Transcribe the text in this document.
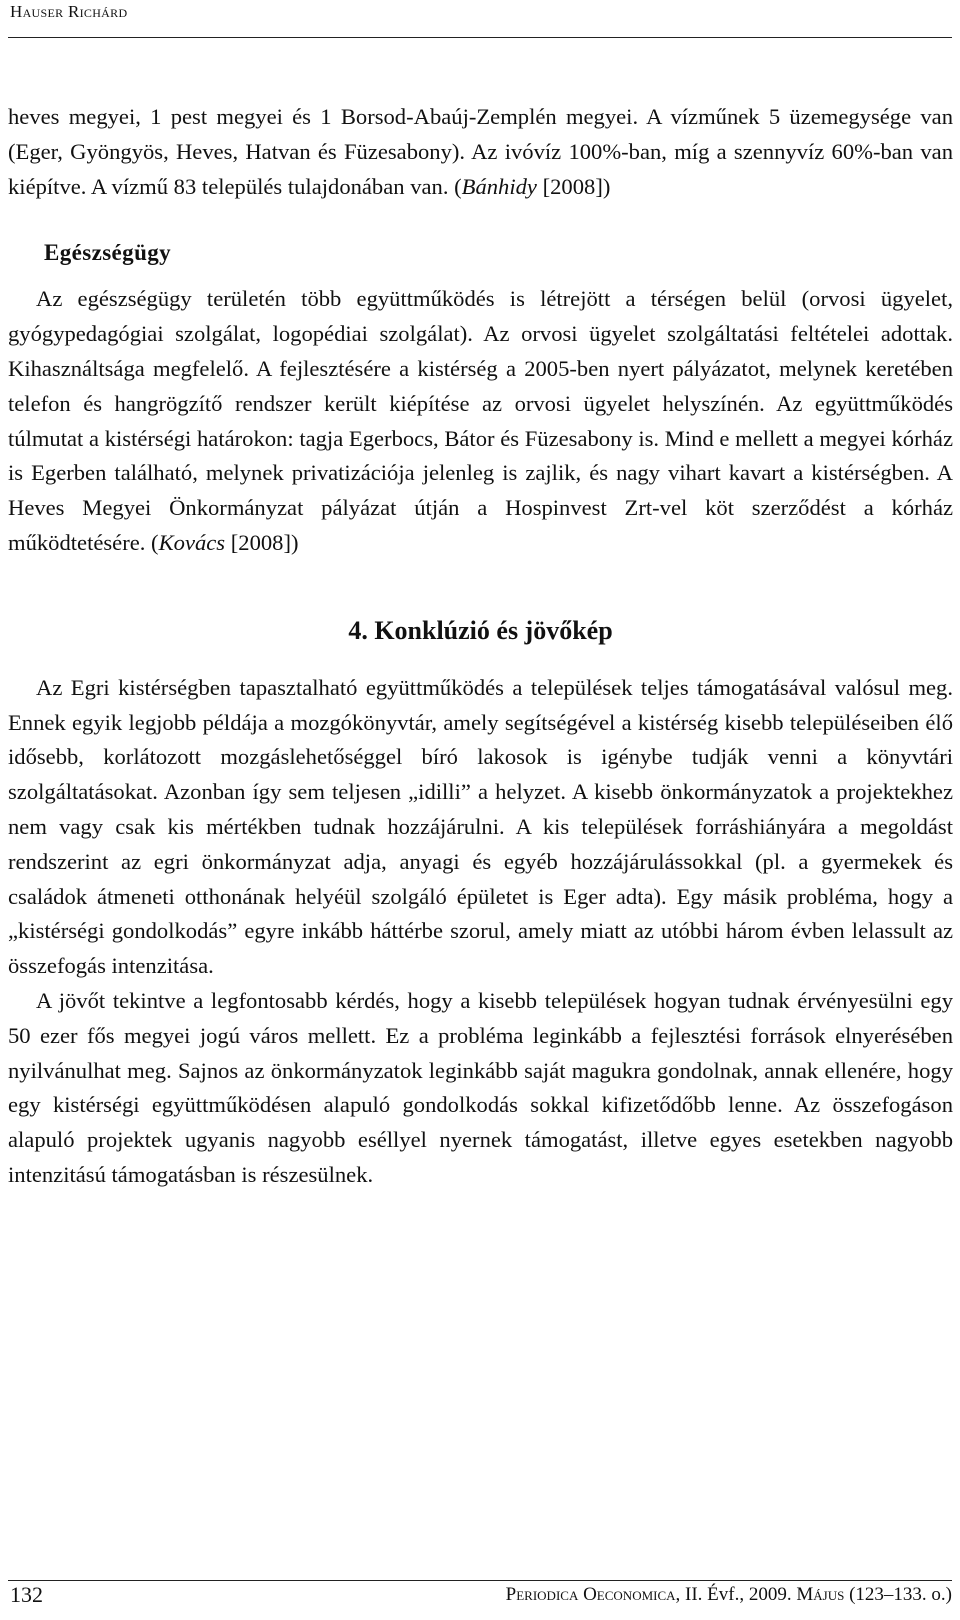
Hauser Richárd

heves megyei, 1 pest megyei és 1 Borsod-Abaúj-Zemplén megyei. A vízműnek 5 üzemegysége van (Eger, Gyöngyös, Heves, Hatvan és Füzesabony). Az ivóvíz 100%-ban, míg a szennyvíz 60%-ban van kiépítve. A vízmű 83 település tulajdonában van. (Bánhidy [2008])

Egészségügy

Az egészségügy területén több együttműködés is létrejött a térségen belül (orvosi ügyelet, gyógypedagógiai szolgálat, logopédiai szolgálat). Az orvosi ügyelet szolgáltatási feltételei adottak. Kihasználtsága megfelelő. A fejlesztésére a kistérség a 2005-ben nyert pályázatot, melynek keretében telefon és hangrögzítő rendszer került kiépítése az orvosi ügyelet helyszínén. Az együttműködés túlmutat a kistérségi határokon: tagja Egerbocs, Bátor és Füzesabony is. Mind e mellett a megyei kórház is Egerben található, melynek privatizációja jelenleg is zajlik, és nagy vihart kavart a kistérségben. A Heves Megyei Önkormányzat pályázat útján a Hospinvest Zrt-vel köt szerződést a kórház működtetésére. (Kovács [2008])

4. Konklúzió és jövőkép

Az Egri kistérségben tapasztalható együttműködés a települések teljes támogatásával valósul meg. Ennek egyik legjobb példája a mozgókönyvtár, amely segítségével a kistérség kisebb településeiben élő idősebb, korlátozott mozgáslehetőséggel bíró lakosok is igénybe tudják venni a könyvtári szolgáltatásokat. Azonban így sem teljesen „idilli” a helyzet. A kisebb önkormányzatok a projektekhez nem vagy csak kis mértékben tudnak hozzájárulni. A kis települések forráshiányára a megoldást rendszerint az egri önkormányzat adja, anyagi és egyéb hozzájárulássokkal (pl. a gyermekek és családok átmeneti otthonának helyéül szolgáló épületet is Eger adta). Egy másik probléma, hogy a „kistérségi gondolkodás” egyre inkább háttérbe szorul, amely miatt az utóbbi három évben lelassult az összefogás intenzitása.

A jövőt tekintve a legfontosabb kérdés, hogy a kisebb települések hogyan tudnak érvényesülni egy 50 ezer fős megyei jogú város mellett. Ez a probléma leginkább a fejlesztési források elnyerésében nyilvánulhat meg. Sajnos az önkormányzatok leginkább saját magukra gondolnak, annak ellenére, hogy egy kistérségi együttműködésen alapuló gondolkodás sokkal kifizetődőbb lenne. Az összefogáson alapuló projektek ugyanis nagyobb eséllyel nyernek támogatást, illetve egyes esetekben nagyobb intenzitású támogatásban is részesülnek.

132	Periodica Oeconomica, II. Évf., 2009. Május (123–133. o.)
